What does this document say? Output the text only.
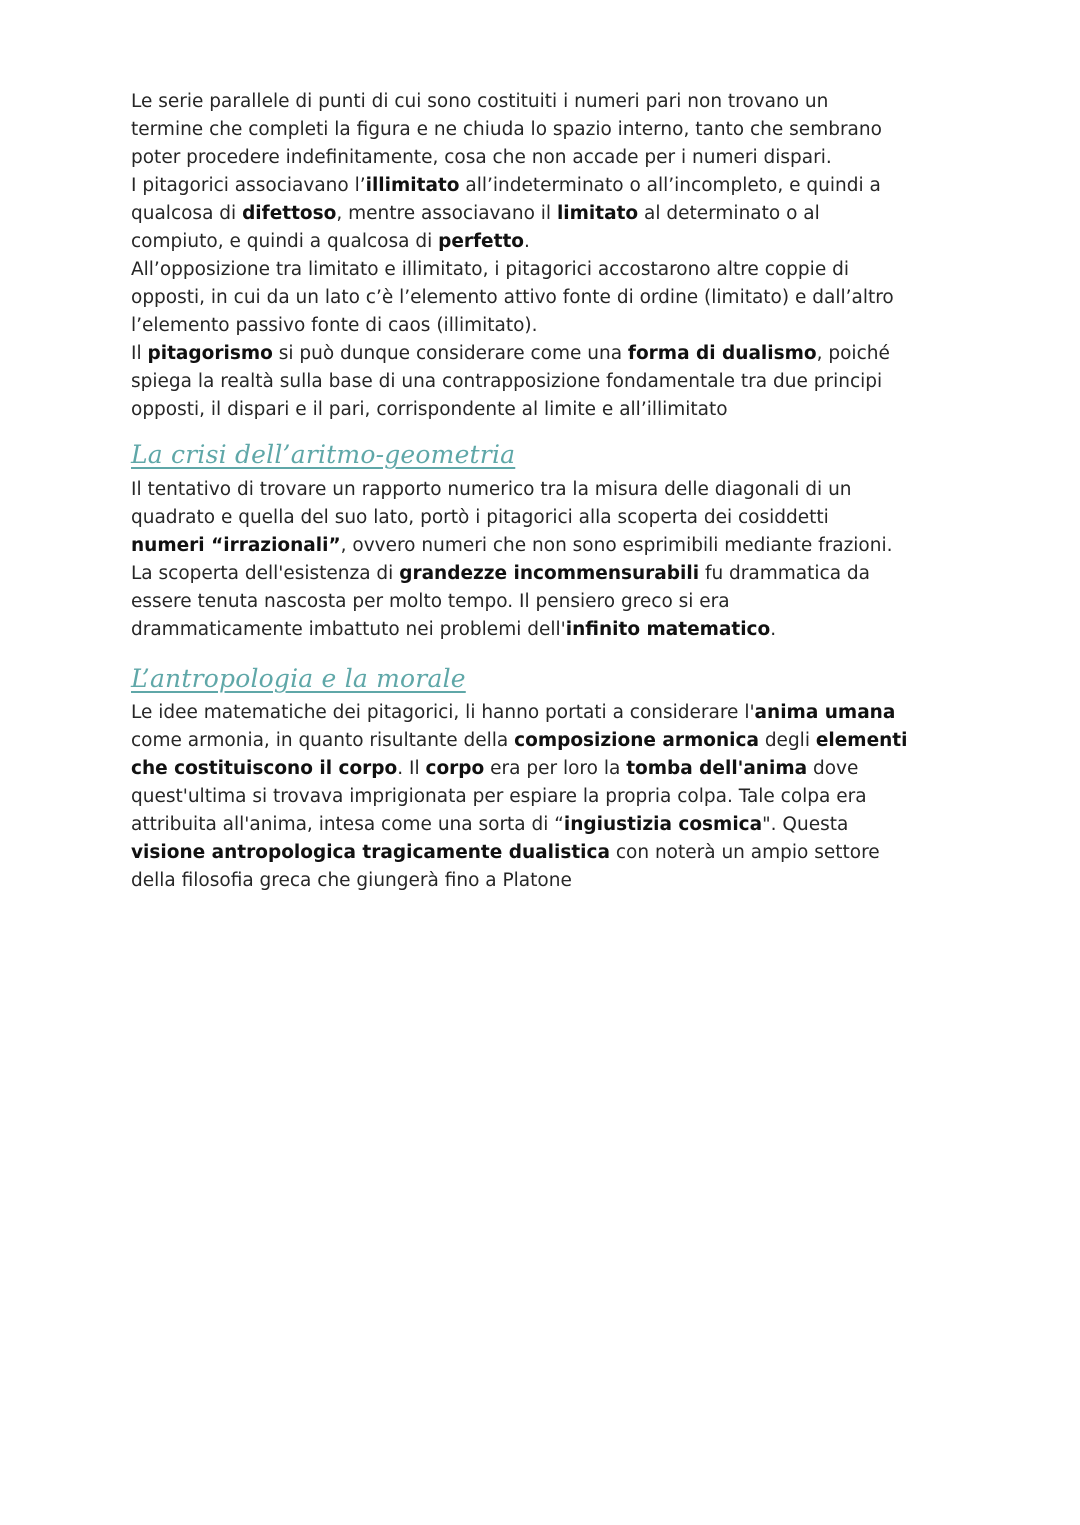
Le serie parallele di punti di cui sono costituiti i numeri pari non trovano un
termine che completi la figura e ne chiuda lo spazio interno, tanto che sembrano
poter procedere indefinitamente, cosa che non accade per i numeri dispari.
I pitagorici associavano l’illimitato all’indeterminato o all’incompleto, e quindi a
qualcosa di difettoso, mentre associavano il limitato al determinato o al
compiuto, e quindi a qualcosa di perfetto.
All’opposizione tra limitato e illimitato, i pitagorici accostarono altre coppie di
opposti, in cui da un lato c’è l’elemento attivo fonte di ordine (limitato) e dall’altro
l’elemento passivo fonte di caos (illimitato).
Il pitagorismo si può dunque considerare come una forma di dualismo, poiché
spiega la realtà sulla base di una contrapposizione fondamentale tra due principi
opposti, il dispari e il pari, corrispondente al limite e all’illimitato
La crisi dell’aritmo-geometria
Il tentativo di trovare un rapporto numerico tra la misura delle diagonali di un
quadrato e quella del suo lato, portò i pitagorici alla scoperta dei cosiddetti
numeri “irrazionali”, ovvero numeri che non sono esprimibili mediante frazioni.
La scoperta dell'esistenza di grandezze incommensurabili fu drammatica da
essere tenuta nascosta per molto tempo. Il pensiero greco si era
drammaticamente imbattuto nei problemi dell'infinito matematico.
L’antropologia e la morale
Le idee matematiche dei pitagorici, li hanno portati a considerare l'anima umana
come armonia, in quanto risultante della composizione armonica degli elementi
che costituiscono il corpo. Il corpo era per loro la tomba dell'anima dove
quest'ultima si trovava imprigionata per espiare la propria colpa. Tale colpa era
attribuita all'anima, intesa come una sorta di “ingiustizia cosmica". Questa
visione antropologica tragicamente dualistica con noterà un ampio settore
della filosofia greca che giungerà fino a Platone
